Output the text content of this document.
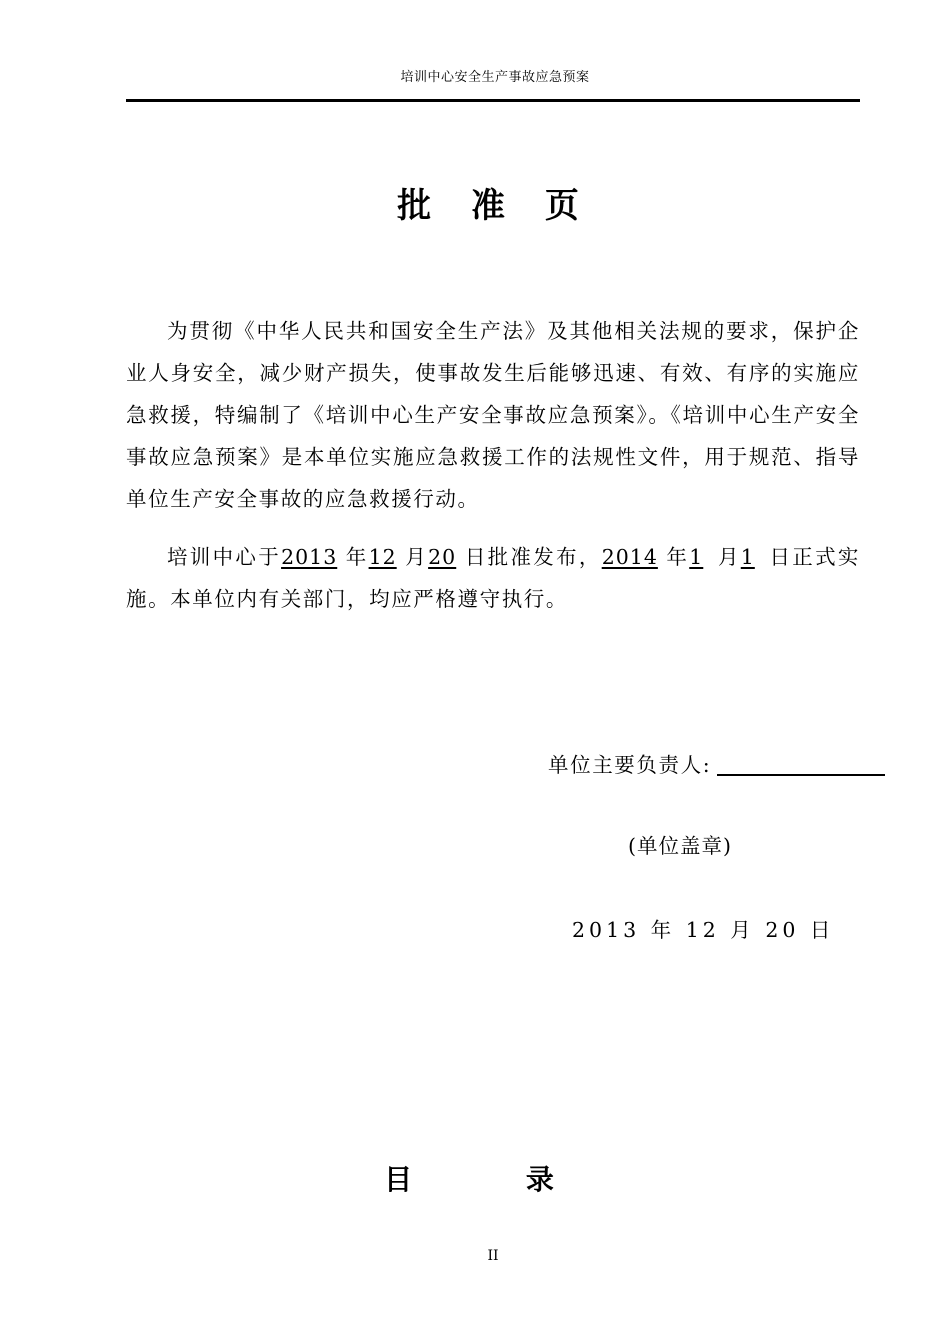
培训中心安全生产事故应急预案
批 准 页
为贯彻《中华人民共和国安全生产法》及其他相关法规的要求，保护企业人身安全，减少财产损失，使事故发生后能够迅速、有效、有序的实施应急救援，特编制了《培训中心生产安全事故应急预案》。《培训中心生产安全事故应急预案》是本单位实施应急救援工作的法规性文件，用于规范、指导单位生产安全事故的应急救援行动。
培训中心于2013 年12 月20 日批准发布，2014 年1 月1 日正式实施。本单位内有关部门，均应严格遵守执行。
单位主要负责人:
(单位盖章)
2013 年 12 月 20 日
目 录
II
